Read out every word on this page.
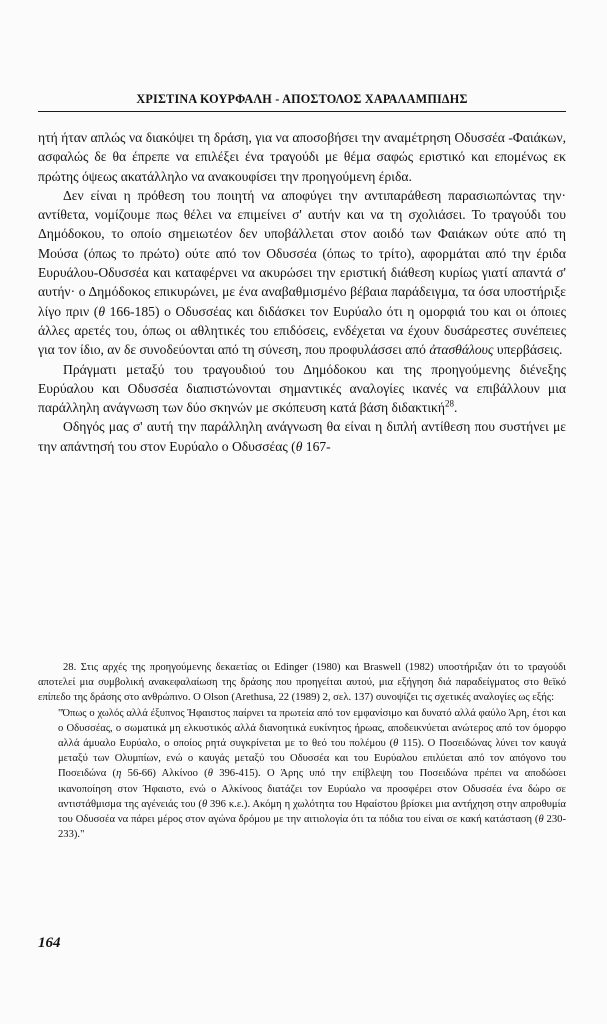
ΧΡΙΣΤΙΝΑ ΚΟΥΡΦΑΛΗ - ΑΠΟΣΤΟΛΟΣ ΧΑΡΑΛΑΜΠΙΔΗΣ

ητή ήταν απλώς να διακόψει τη δράση, για να αποσοβήσει την αναμέτρηση Οδυσσέα -Φαιάκων, ασφαλώς δε θα έπρεπε να επιλέξει ένα τραγούδι με θέμα σαφώς εριστικό και επομένως εκ πρώτης όψεως ακατάλληλο να ανακουφίσει την προηγούμενη έριδα.

Δεν είναι η πρόθεση του ποιητή να αποφύγει την αντιπαράθεση παρασιωπώντας την· αντίθετα, νομίζουμε πως θέλει να επιμείνει σ' αυτήν και να τη σχολιάσει. Το τραγούδι του Δημόδοκου, το οποίο σημειωτέον δεν υποβάλλεται στον αοιδό των Φαιάκων ούτε από τη Μούσα (όπως το πρώτο) ούτε από τον Οδυσσέα (όπως το τρίτο), αφορμάται από την έριδα Ευρυάλου-Οδυσσέα και καταφέρνει να ακυρώσει την εριστική διάθεση κυρίως γιατί απαντά σ' αυτήν· ο Δημόδοκος επικυρώνει, με ένα αναβαθμισμένο βέβαια παράδειγμα, τα όσα υποστήριξε λίγο πριν (θ 166-185) ο Οδυσσέας και διδάσκει τον Ευρύαλο ότι η ομορφιά του και οι όποιες άλλες αρετές του, όπως οι αθλητικές του επιδόσεις, ενδέχεται να έχουν δυσάρεστες συνέπειες για τον ίδιο, αν δε συνοδεύονται από τη σύνεση, που προφυλάσσει από ἀτασθάλους υπερβάσεις.

Πράγματι μεταξύ του τραγουδιού του Δημόδοκου και της προηγούμενης διένεξης Ευρύαλου και Οδυσσέα διαπιστώνονται σημαντικές αναλογίες ικανές να επιβάλλουν μια παράλληλη ανάγνωση των δύο σκηνών με σκόπευση κατά βάση διδακτική$^{28}$.

Οδηγός μας σ' αυτή την παράλληλη ανάγνωση θα είναι η διπλή αντίθεση που συστήνει με την απάντησή του στον Ευρύαλο ο Οδυσσέας (θ 167-

28. Στις αρχές της προηγούμενης δεκαετίας οι Edinger (1980) και Braswell (1982) υποστήριξαν ότι το τραγούδι αποτελεί μια συμβολική ανακεφαλαίωση της δράσης που προηγείται αυτού, μια εξήγηση διά παραδείγματος στο θεϊκό επίπεδο της δράσης στο ανθρώπινο. Ο Olson (Arethusa, 22 (1989) 2, σελ. 137) συνοψίζει τις σχετικές αναλογίες ως εξής:

"Όπως ο χωλός αλλά έξυπνος Ήφαιστος παίρνει τα πρωτεία από τον εμφανίσιμο και δυνατό αλλά φαύλο Άρη, έτσι και ο Οδυσσέας, ο σωματικά μη ελκυστικός αλλά διανοητικά ευκίνητος ήρωας, αποδεικνύεται ανώτερος από τον όμορφο αλλά άμυαλο Ευρύαλο, ο οποίος ρητά συγκρίνεται με το θεό του πολέμου (θ 115). Ο Ποσειδώνας λύνει τον καυγά μεταξύ των Ολυμπίων, ενώ ο καυγάς μεταξύ του Οδυσσέα και του Ευρύαλου επιλύεται από τον απόγονο του Ποσειδώνα (η 56-66) Αλκίνοο (θ 396-415). Ο Άρης υπό την επίβλεψη του Ποσειδώνα πρέπει να αποδώσει ικανοποίηση στον Ήφαιστο, ενώ ο Αλκίνοος διατάζει τον Ευρύαλο να προσφέρει στον Οδυσσέα ένα δώρο σε αντιστάθμισμα της αγένειάς του (θ 396 κ.ε.). Ακόμη η χωλότητα του Ηφαίστου βρίσκει μια αντήχηση στην απροθυμία του Οδυσσέα να πάρει μέρος στον αγώνα δρόμου με την αιτιολογία ότι τα πόδια του είναι σε κακή κατάσταση (θ 230-233)."

164
